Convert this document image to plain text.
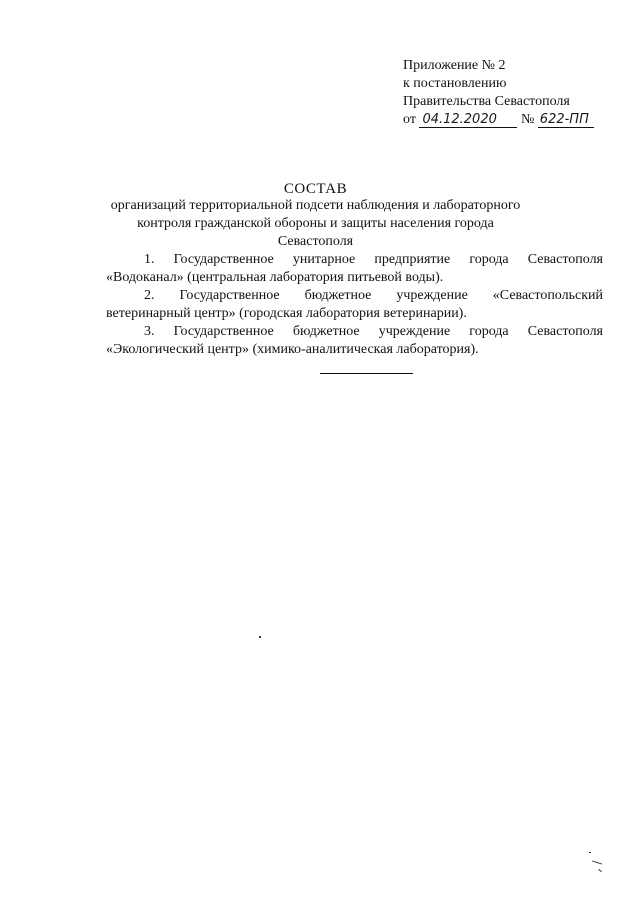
Приложение № 2
к постановлению
Правительства Севастополя
от 04.12.2020 № 622-ПП
СОСТАВ
организаций территориальной подсети наблюдения и лабораторного контроля гражданской обороны и защиты населения города Севастополя

1. Государственное унитарное предприятие города Севастополя «Водоканал» (центральная лаборатория питьевой воды).

2. Государственное бюджетное учреждение «Севастопольский ветеринарный центр» (городская лаборатория ветеринарии).

3. Государственное бюджетное учреждение города Севастополя «Экологический центр» (химико-аналитическая лаборатория).
